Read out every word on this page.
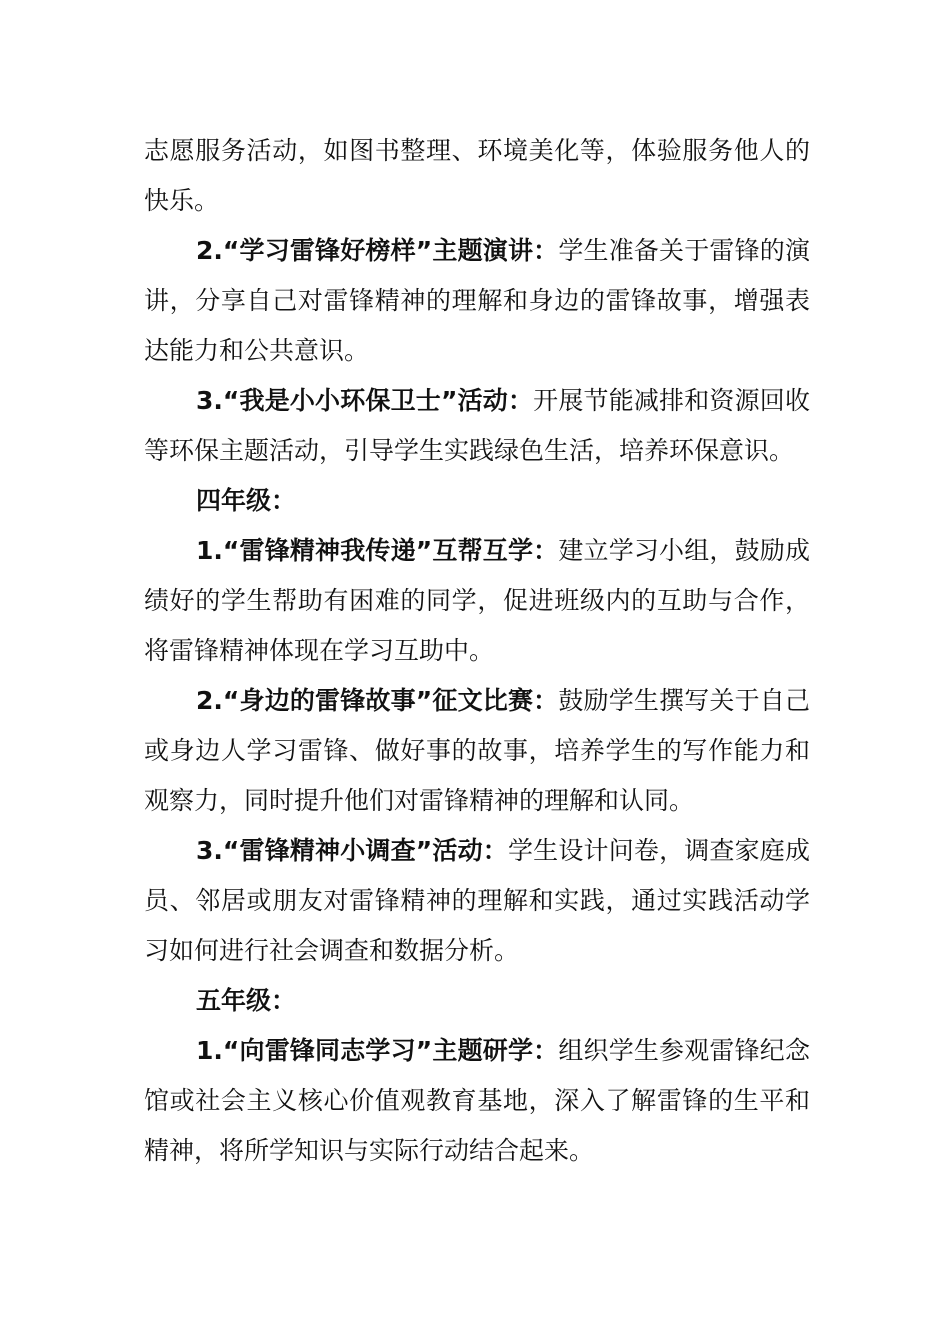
志愿服务活动，如图书整理、环境美化等，体验服务他人的快乐。

2.“学习雷锋好榜样”主题演讲：学生准备关于雷锋的演讲，分享自己对雷锋精神的理解和身边的雷锋故事，增强表达能力和公共意识。

3.“我是小小环保卫士”活动：开展节能减排和资源回收等环保主题活动，引导学生实践绿色生活，培养环保意识。

四年级：

1.“雷锋精神我传递”互帮互学：建立学习小组，鼓励成绩好的学生帮助有困难的同学，促进班级内的互助与合作，将雷锋精神体现在学习互助中。

2.“身边的雷锋故事”征文比赛：鼓励学生撰写关于自己或身边人学习雷锋、做好事的故事，培养学生的写作能力和观察力，同时提升他们对雷锋精神的理解和认同。

3.“雷锋精神小调查”活动：学生设计问卷，调查家庭成员、邻居或朋友对雷锋精神的理解和实践，通过实践活动学习如何进行社会调查和数据分析。

五年级：

1.“向雷锋同志学习”主题研学：组织学生参观雷锋纪念馆或社会主义核心价值观教育基地，深入了解雷锋的生平和精神，将所学知识与实际行动结合起来。
